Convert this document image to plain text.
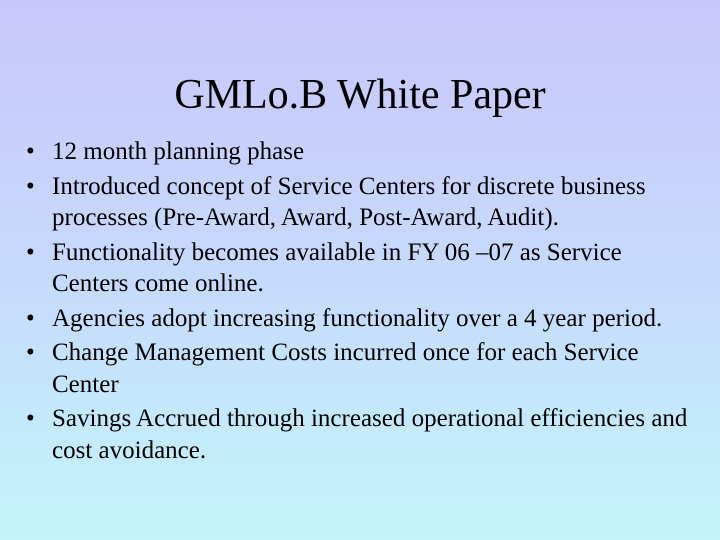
GMLo.B White Paper
• 12 month planning phase
• Introduced concept of Service Centers for discrete business processes (Pre-Award, Award, Post-Award, Audit).
• Functionality becomes available in FY 06 –07 as Service Centers come online.
• Agencies adopt increasing functionality over a 4 year period.
• Change Management Costs incurred once for each Service Center
• Savings Accrued through increased operational efficiencies and cost avoidance.
